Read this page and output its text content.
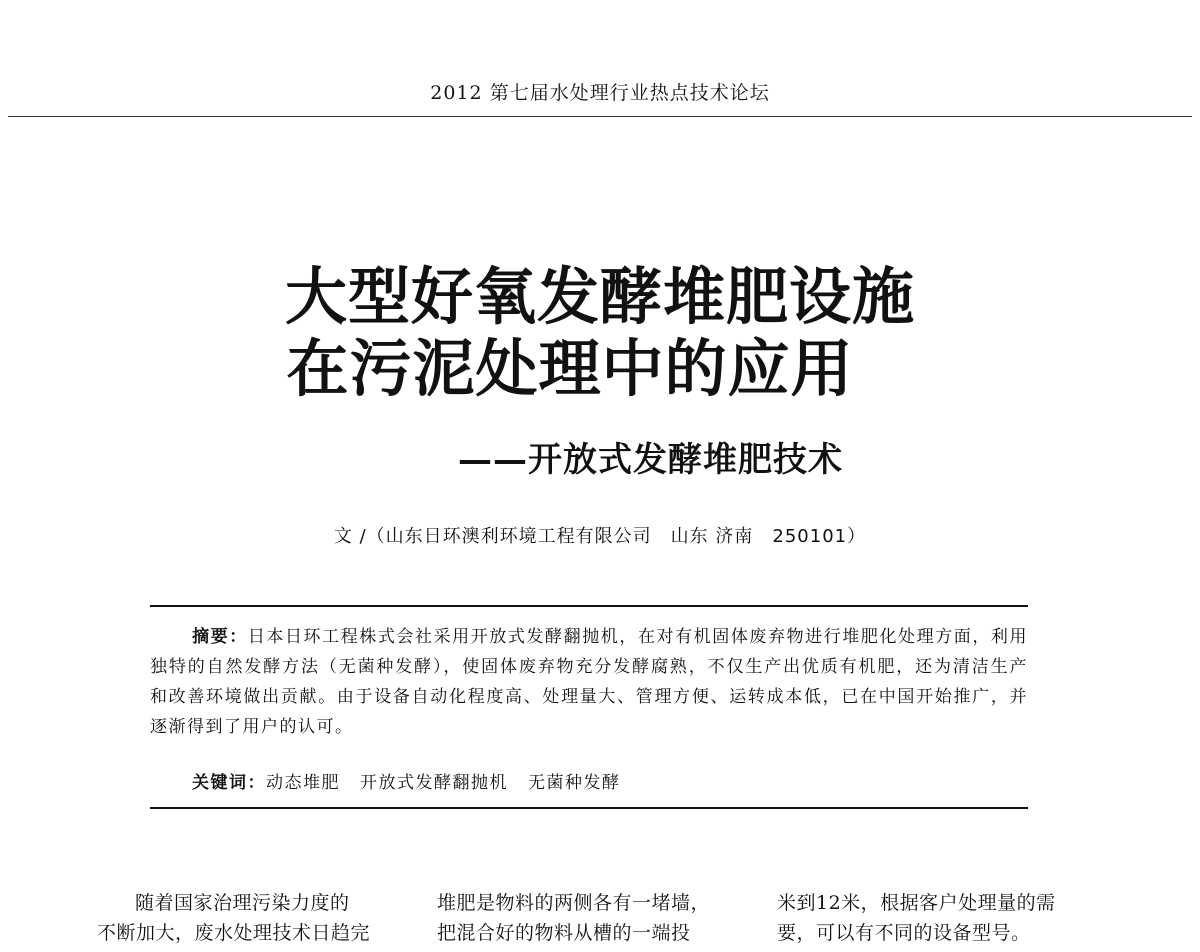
2012 第七届水处理行业热点技术论坛
大型好氧发酵堆肥设施
在污泥处理中的应用
——开放式发酵堆肥技术
文 /（山东日环澳利环境工程有限公司　山东 济南　250101）
摘要：日本日环工程株式会社采用开放式发酵翻抛机，在对有机固体废弃物进行堆肥化处理方面，利用独特的自然发酵方法（无菌种发酵），使固体废弃物充分发酵腐熟，不仅生产出优质有机肥，还为清洁生产和改善环境做出贡献。由于设备自动化程度高、处理量大、管理方便、运转成本低，已在中国开始推广，并逐渐得到了用户的认可。
关键词：动态堆肥 开放式发酵翻抛机 无菌种发酵
随着国家治理污染力度的
不断加大，废水处理技术日趋完
堆肥是物料的两侧各有一堵墙，
把混合好的物料从槽的一端投
米到12米，根据客户处理量的需
要，可以有不同的设备型号。
